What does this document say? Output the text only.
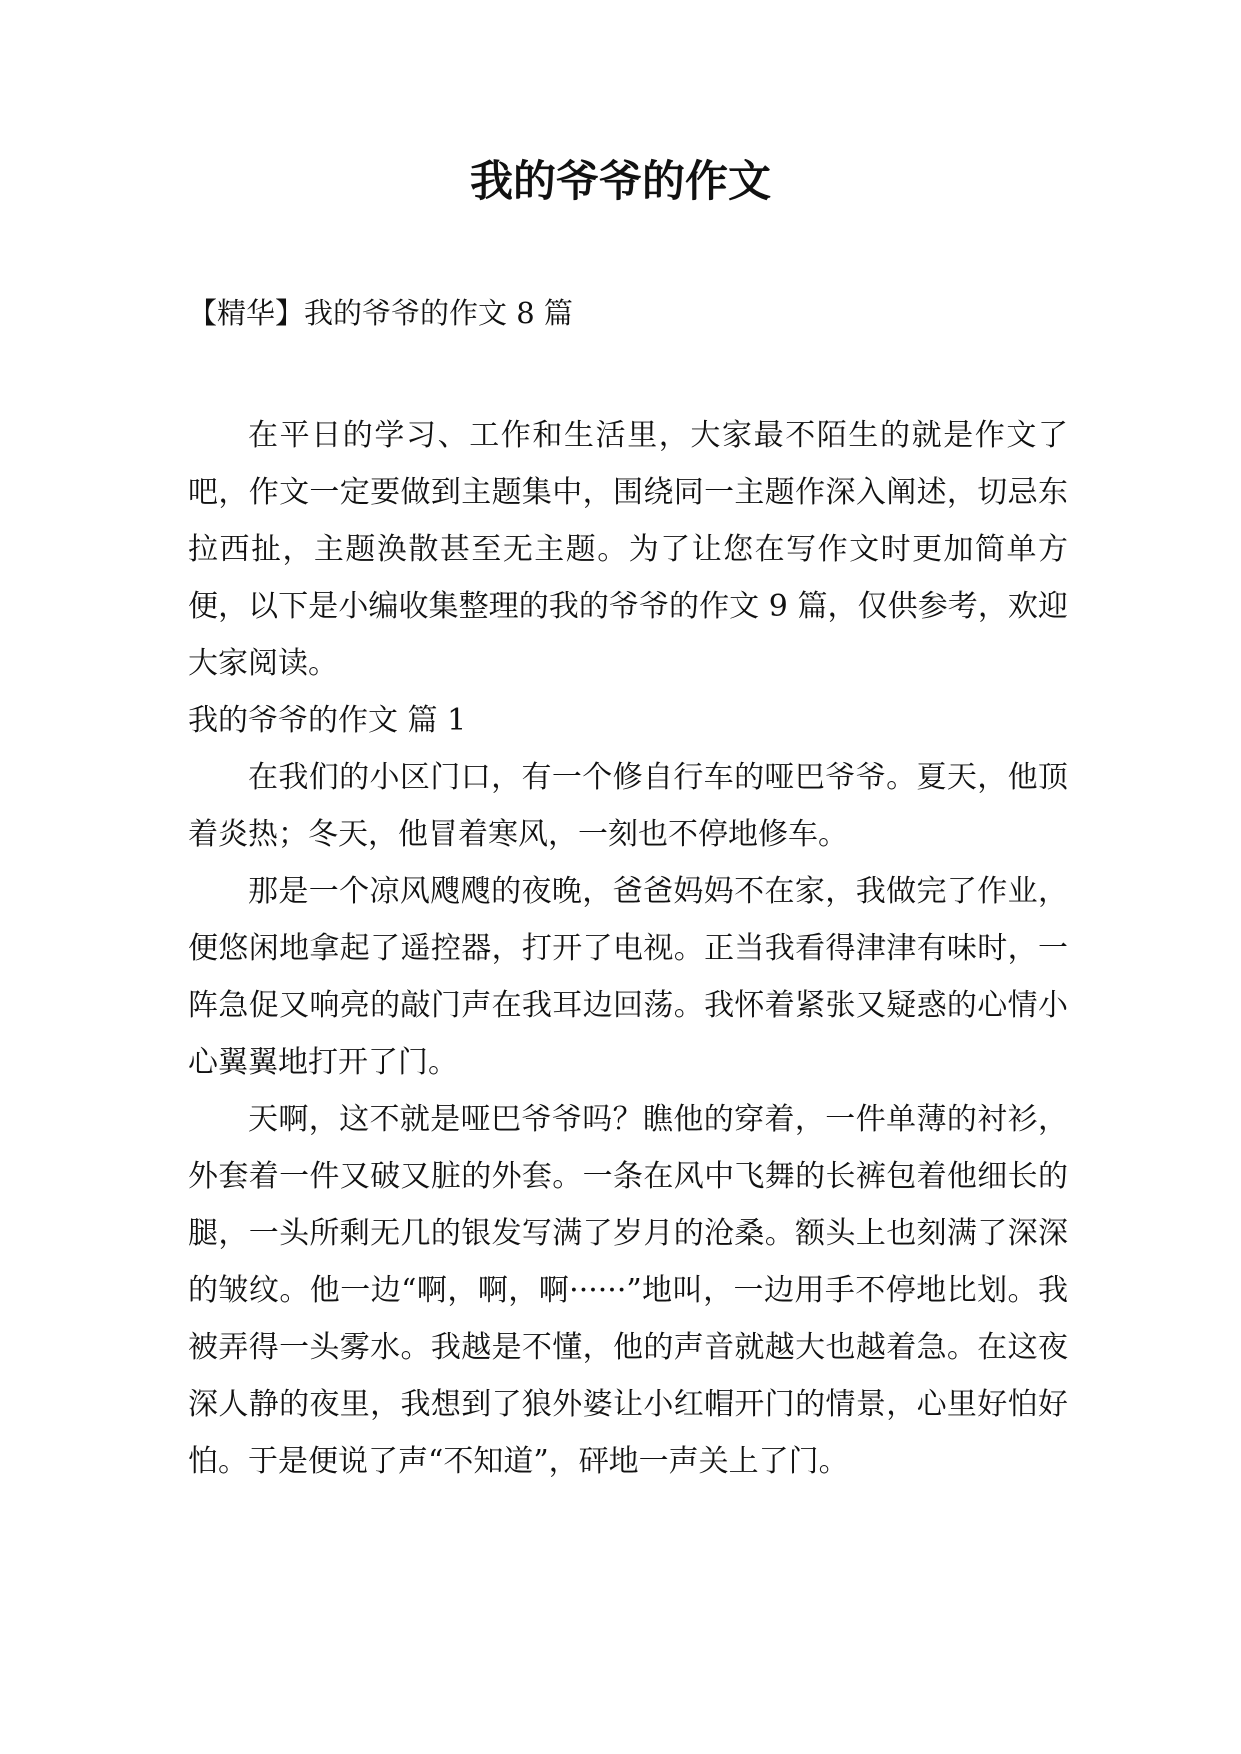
我的爷爷的作文

【精华】我的爷爷的作文 8 篇

在平日的学习、工作和生活里，大家最不陌生的就是作文了吧，作文一定要做到主题集中，围绕同一主题作深入阐述，切忌东拉西扯，主题涣散甚至无主题。为了让您在写作文时更加简单方便，以下是小编收集整理的我的爷爷的作文 9 篇，仅供参考，欢迎大家阅读。

我的爷爷的作文 篇 1

在我们的小区门口，有一个修自行车的哑巴爷爷。夏天，他顶着炎热；冬天，他冒着寒风，一刻也不停地修车。

那是一个凉风飕飕的夜晚，爸爸妈妈不在家，我做完了作业，便悠闲地拿起了遥控器，打开了电视。正当我看得津津有味时，一阵急促又响亮的敲门声在我耳边回荡。我怀着紧张又疑惑的心情小心翼翼地打开了门。

天啊，这不就是哑巴爷爷吗？瞧他的穿着，一件单薄的衬衫，外套着一件又破又脏的外套。一条在风中飞舞的长裤包着他细长的腿，一头所剩无几的银发写满了岁月的沧桑。额头上也刻满了深深的皱纹。他一边“啊，啊，啊······”地叫，一边用手不停地比划。我被弄得一头雾水。我越是不懂，他的声音就越大也越着急。在这夜深人静的夜里，我想到了狼外婆让小红帽开门的情景，心里好怕好怕。于是便说了声“不知道”，砰地一声关上了门。
